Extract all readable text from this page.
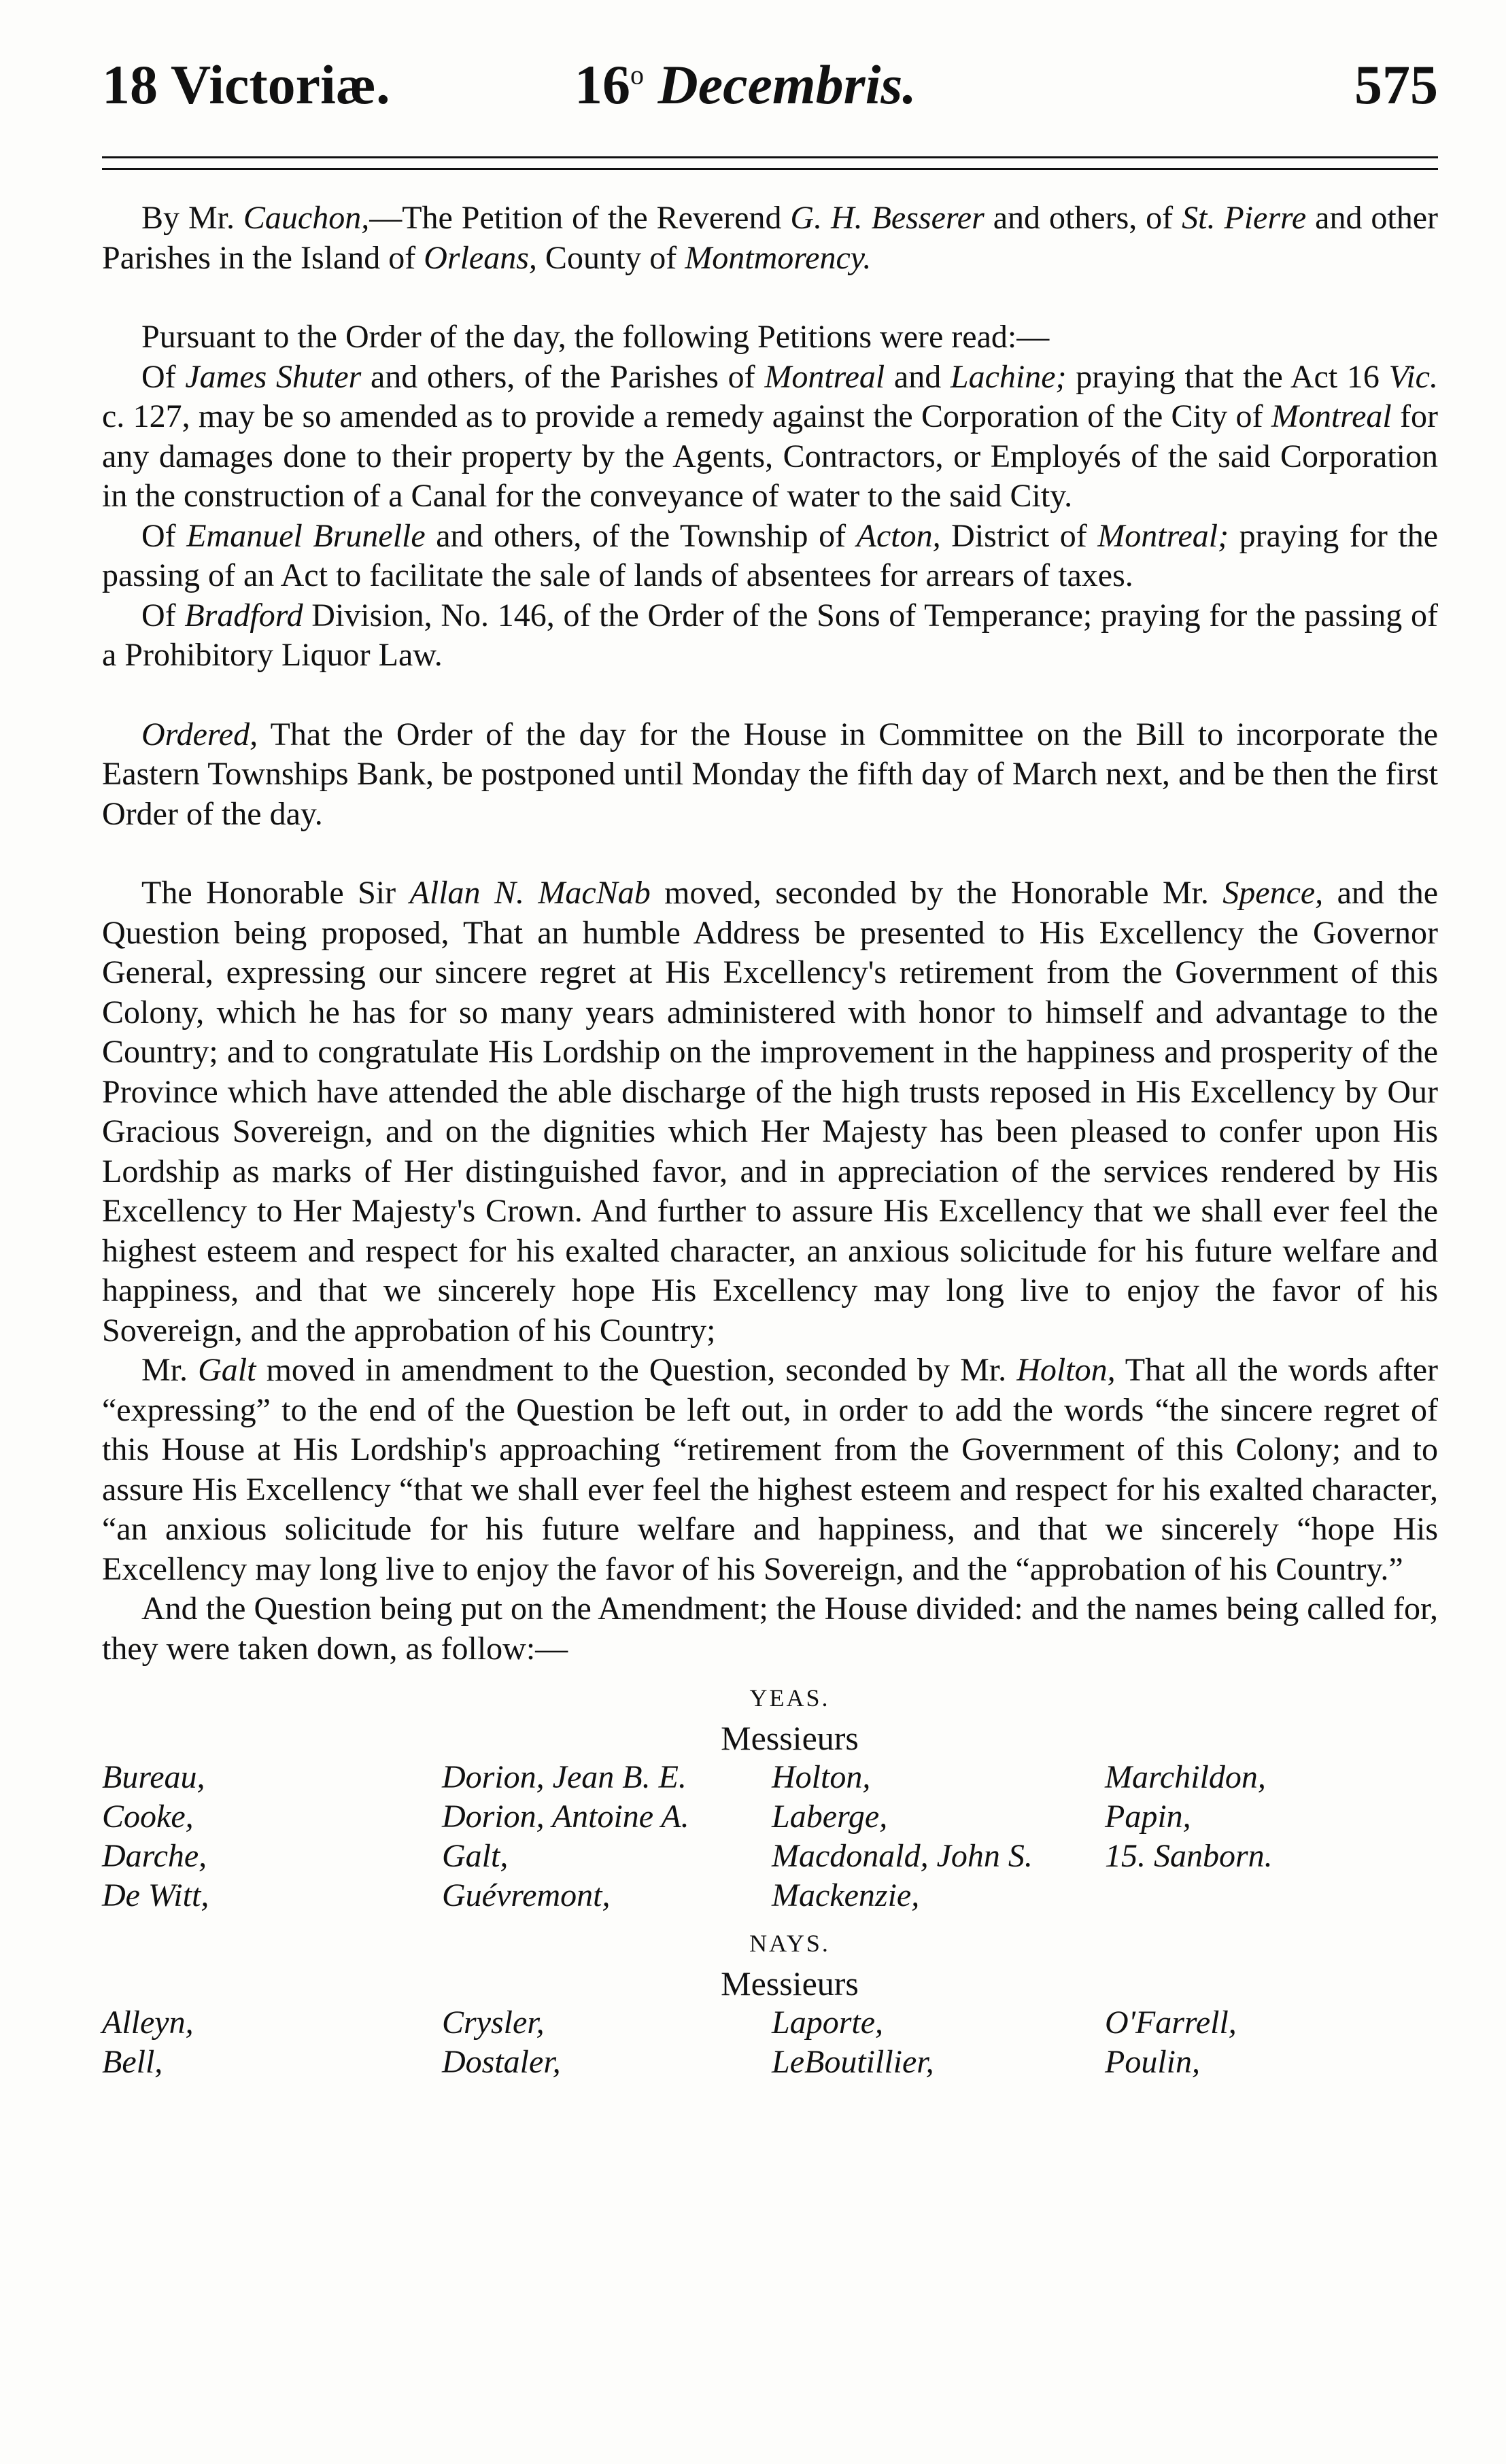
18 Victoriæ.	16$^o$ Decembris.	575

By Mr. Cauchon,—The Petition of the Reverend G. H. Besserer and others, of St. Pierre and other Parishes in the Island of Orleans, County of Montmorency.

Pursuant to the Order of the day, the following Petitions were read:—

Of James Shuter and others, of the Parishes of Montreal and Lachine; praying that the Act 16 Vic. c. 127, may be so amended as to provide a remedy against the Corporation of the City of Montreal for any damages done to their property by the Agents, Contractors, or Employés of the said Corporation in the construction of a Canal for the conveyance of water to the said City.

Of Emanuel Brunelle and others, of the Township of Acton, District of Montreal; praying for the passing of an Act to facilitate the sale of lands of absentees for arrears of taxes.

Of Bradford Division, No. 146, of the Order of the Sons of Temperance; praying for the passing of a Prohibitory Liquor Law.

Ordered, That the Order of the day for the House in Committee on the Bill to incorporate the Eastern Townships Bank, be postponed until Monday the fifth day of March next, and be then the first Order of the day.

The Honorable Sir Allan N. MacNab moved, seconded by the Honorable Mr. Spence, and the Question being proposed, That an humble Address be presented to His Excellency the Governor General, expressing our sincere regret at His Excellency's retirement from the Government of this Colony, which he has for so many years administered with honor to himself and advantage to the Country; and to congratulate His Lordship on the improvement in the happiness and prosperity of the Province which have attended the able discharge of the high trusts reposed in His Excellency by Our Gracious Sovereign, and on the dignities which Her Majesty has been pleased to confer upon His Lordship as marks of Her distinguished favor, and in appreciation of the services rendered by His Excellency to Her Majesty's Crown. And further to assure His Excellency that we shall ever feel the highest esteem and respect for his exalted character, an anxious solicitude for his future welfare and happiness, and that we sincerely hope His Excellency may long live to enjoy the favor of his Sovereign, and the approbation of his Country;

Mr. Galt moved in amendment to the Question, seconded by Mr. Holton, That all the words after “expressing” to the end of the Question be left out, in order to add the words “the sincere regret of this House at His Lordship's approaching “retirement from the Government of this Colony; and to assure His Excellency “that we shall ever feel the highest esteem and respect for his exalted character, “an anxious solicitude for his future welfare and happiness, and that we sincerely “hope His Excellency may long live to enjoy the favor of his Sovereign, and the “approbation of his Country.”

And the Question being put on the Amendment; the House divided: and the names being called for, they were taken down, as follow:—

YEAS.

Messieurs

Bureau,	Dorion, Jean B. E.	Holton,	Marchildon,
Cooke,	Dorion, Antoine A.	Laberge,	Papin,
Darche,	Galt,	Macdonald, John S.	15. Sanborn.
De Witt,	Guévremont,	Mackenzie,

NAYS.

Messieurs

Alleyn,	Crysler,	Laporte,	O'Farrell,
Bell,	Dostaler,	LeBoutillier,	Poulin,
